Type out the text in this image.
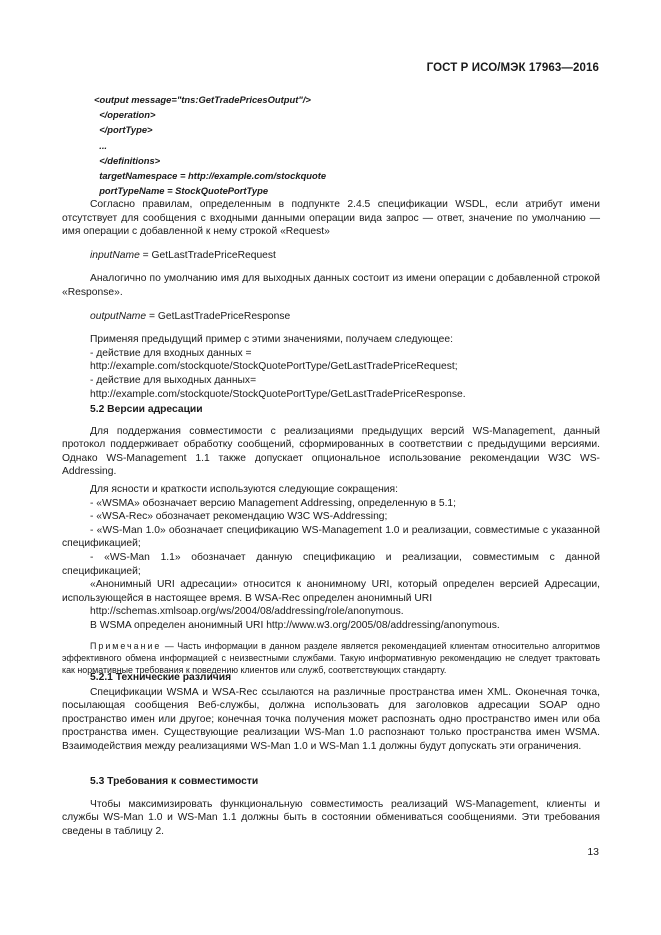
ГОСТ Р ИСО/МЭК 17963—2016
<output message="tns:GetTradePricesOutput"/>
</operation>
</portType>
...
</definitions>
targetNamespace = http://example.com/stockquote
portTypeName = StockQuotePortType

Согласно правилам, определенным в подпункте 2.4.5 спецификации WSDL, если атрибут имени отсутствует для сообщения с входными данными операции вида запрос — ответ, значение по умолчанию — имя операции с добавленной к нему строкой «Request»

inputName = GetLastTradePriceRequest

Аналогично по умолчанию имя для выходных данных состоит из имени операции с добавленной строкой «Response».

outputName = GetLastTradePriceResponse

Применяя предыдущий пример с этими значениями, получаем следующее:

- действие для входных данных =

http://example.com/stockquote/StockQuotePortType/GetLastTradePriceRequest;

- действие для выходных данных=

http://example.com/stockquote/StockQuotePortType/GetLastTradePriceResponse.

5.2 Версии адресации

Для поддержания совместимости с реализациями предыдущих версий WS-Management, данный протокол поддерживает обработку сообщений, сформированных в соответствии с предыдущими версиями. Однако WS-Management 1.1 также допускает опциональное использование рекомендации W3C WS-Addressing.

Для ясности и краткости используются следующие сокращения:

- «WSMA» обозначает версию Management Addressing, определенную в 5.1;

- «WSA-Rec» обозначает рекомендацию W3C WS-Addressing;

- «WS-Man 1.0» обозначает спецификацию WS-Management 1.0 и реализации, совместимые с указанной спецификацией;

- «WS-Man 1.1» обозначает данную спецификацию и реализации, совместимым с данной спецификацией;

«Анонимный URI адресации» относится к анонимному URI, который определен версией Адресации, использующейся в настоящее время. В WSA-Rec определен анонимный URI

http://schemas.xmlsoap.org/ws/2004/08/addressing/role/anonymous.

В WSMA определен анонимный URI http://www.w3.org/2005/08/addressing/anonymous.

Примечание — Часть информации в данном разделе является рекомендацией клиентам относительно алгоритмов эффективного обмена информацией с неизвестными службами. Такую информативную рекомендацию не следует трактовать как нормативные требования к поведению клиентов или служб, соответствующих стандарту.

5.2.1 Технические различия

Спецификации WSMA и WSA-Rec ссылаются на различные пространства имен XML. Оконечная точка, посылающая сообщения Веб-службы, должна использовать для заголовков адресации SOAP одно пространство имен или другое; конечная точка получения может распознать одно пространство имен или оба пространства имен. Существующие реализации WS-Man 1.0 распознают только пространства имен WSMA. Взаимодействия между реализациями WS-Man 1.0 и WS-Man 1.1 должны будут допускать эти ограничения.

5.3 Требования к совместимости

Чтобы максимизировать функциональную совместимость реализаций WS-Management, клиенты и службы WS-Man 1.0 и WS-Man 1.1 должны быть в состоянии обмениваться сообщениями. Эти требования сведены в таблицу 2.

13
